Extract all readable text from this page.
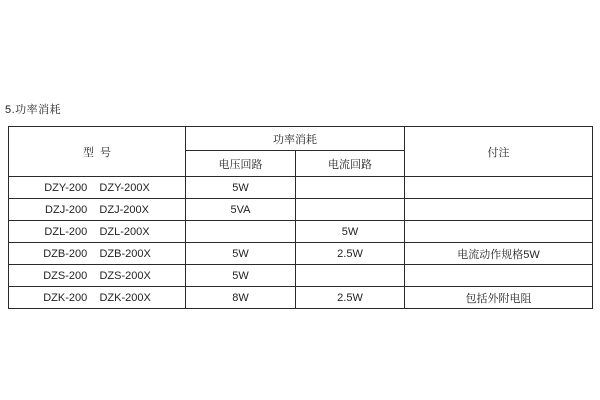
5.功率消耗
型  号	功率消耗		付注
	电压回路	电流回路	
DZY-200    DZY-200X	5W		
DZJ-200    DZJ-200X	5VA		
DZL-200    DZL-200X		5W	
DZB-200    DZB-200X	5W	2.5W	电流动作规格5W
DZS-200    DZS-200X	5W		
DZK-200    DZK-200X	8W	2.5W	包括外附电阻
